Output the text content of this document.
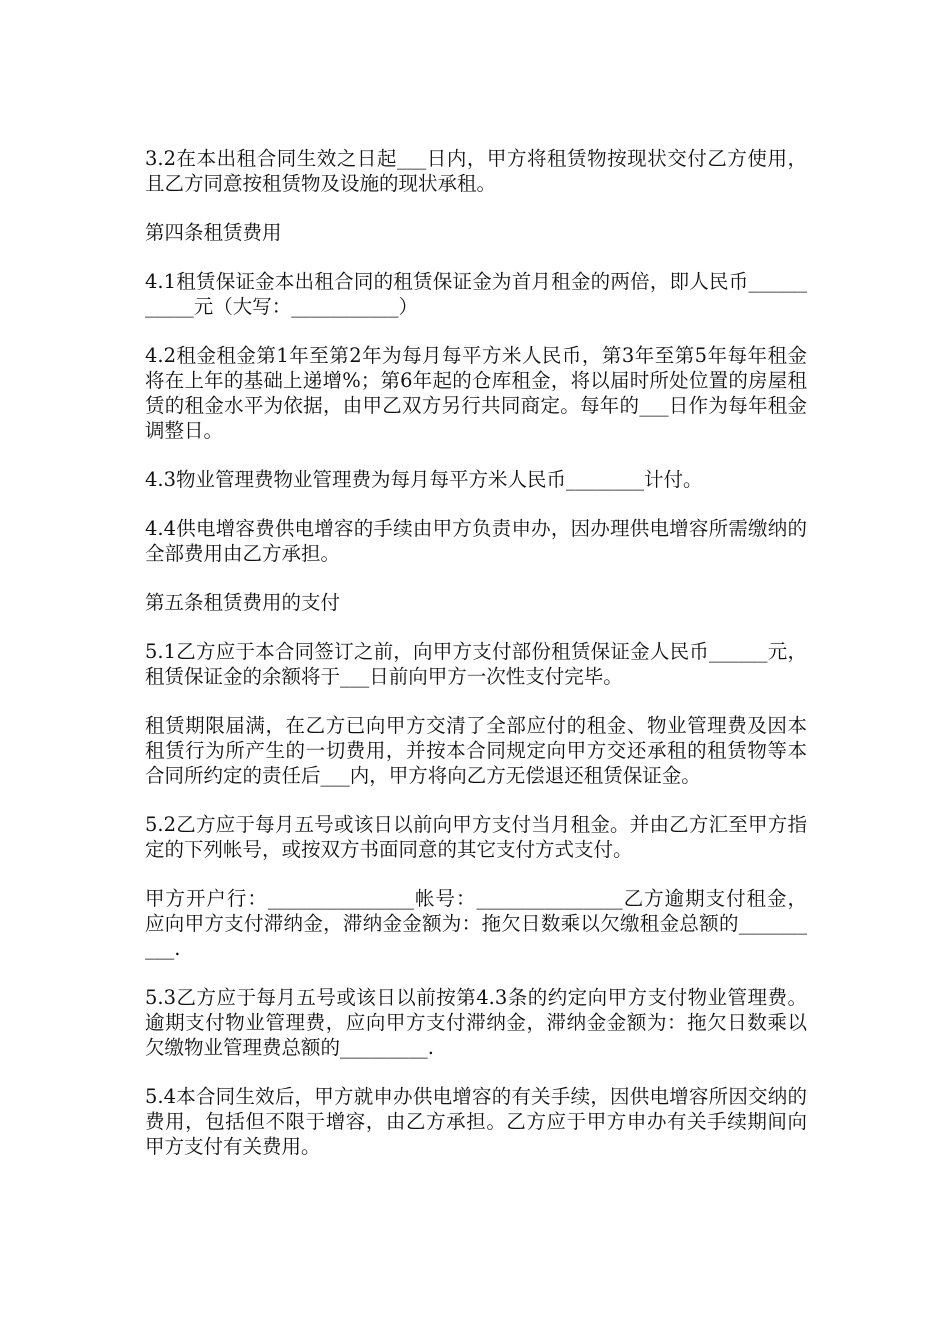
3.2在本出租合同生效之日起___日内，甲方将租赁物按现状交付乙方使用，且乙方同意按租赁物及设施的现状承租。

第四条租赁费用

4.1租赁保证金本出租合同的租赁保证金为首月租金的两倍，即人民币___________元（大写：___________）

4.2租金租金第1年至第2年为每月每平方米人民币，第3年至第5年每年租金将在上年的基础上递增%；第6年起的仓库租金，将以届时所处位置的房屋租赁的租金水平为依据，由甲乙双方另行共同商定。每年的___日作为每年租金调整日。

4.3物业管理费物业管理费为每月每平方米人民币________计付。

4.4供电增容费供电增容的手续由甲方负责申办，因办理供电增容所需缴纳的全部费用由乙方承担。

第五条租赁费用的支付

5.1乙方应于本合同签订之前，向甲方支付部份租赁保证金人民币______元，租赁保证金的余额将于___日前向甲方一次性支付完毕。

租赁期限届满，在乙方已向甲方交清了全部应付的租金、物业管理费及因本租赁行为所产生的一切费用，并按本合同规定向甲方交还承租的租赁物等本合同所约定的责任后___内，甲方将向乙方无偿退还租赁保证金。

5.2乙方应于每月五号或该日以前向甲方支付当月租金。并由乙方汇至甲方指定的下列帐号，或按双方书面同意的其它支付方式支付。

甲方开户行：_______________帐号：_______________乙方逾期支付租金，应向甲方支付滞纳金，滞纳金金额为：拖欠日数乘以欠缴租金总额的__________.

5.3乙方应于每月五号或该日以前按第4.3条的约定向甲方支付物业管理费。逾期支付物业管理费，应向甲方支付滞纳金，滞纳金金额为：拖欠日数乘以欠缴物业管理费总额的_________.

5.4本合同生效后，甲方就申办供电增容的有关手续，因供电增容所因交纳的费用，包括但不限于增容，由乙方承担。乙方应于甲方申办有关手续期间向甲方支付有关费用。
